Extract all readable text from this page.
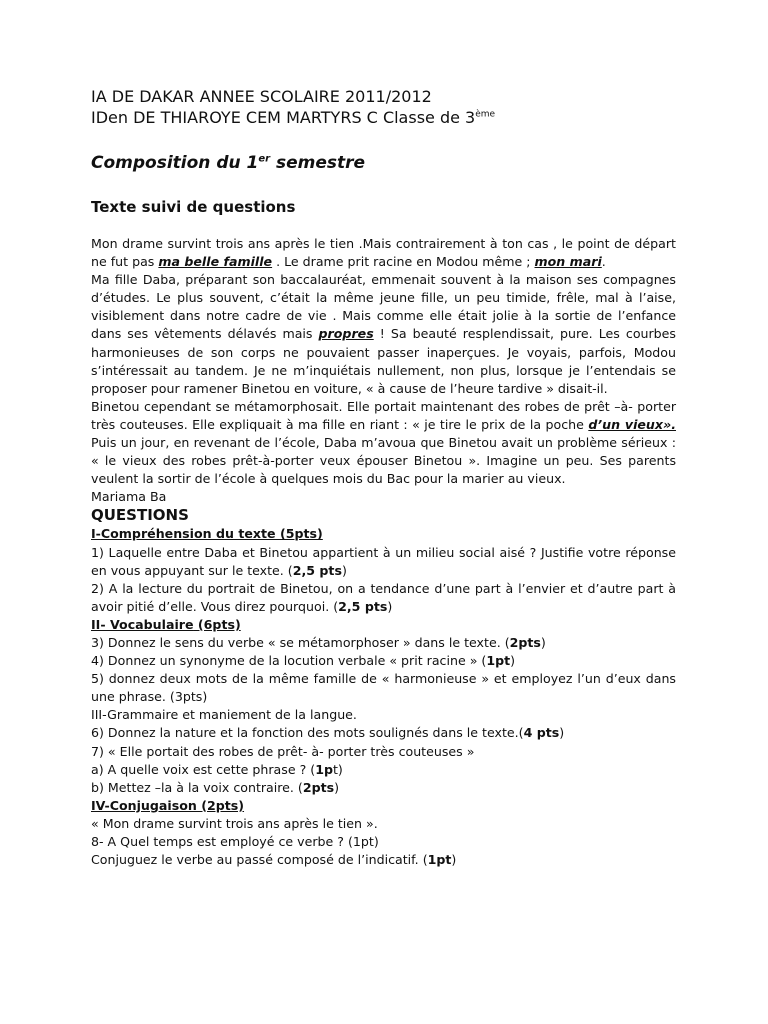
IA DE DAKAR ANNEE SCOLAIRE 2011/2012

IDen DE THIAROYE CEM MARTYRS C Classe de 3ème

Composition du 1er semestre

Texte suivi de questions

Mon drame survint trois ans après le tien .Mais contrairement à ton cas , le point de départ ne fut pas ma belle famille . Le drame prit racine en Modou même ; mon mari.

Ma fille Daba, préparant son baccalauréat, emmenait souvent à la maison ses compagnes d’études. Le plus souvent, c’était la même jeune fille, un peu timide, frêle, mal à l’aise, visiblement dans notre cadre de vie . Mais comme elle était jolie à la sortie de l’enfance dans ses vêtements délavés mais propres ! Sa beauté resplendissait, pure. Les courbes harmonieuses de son corps ne pouvaient passer inaperçues. Je voyais, parfois, Modou s’intéressait au tandem. Je ne m’inquiétais nullement, non plus, lorsque je l’entendais se proposer pour ramener Binetou en voiture, « à cause de l’heure tardive » disait-il.

Binetou cependant se métamorphosait. Elle portait maintenant des robes de prêt –à- porter très couteuses. Elle expliquait à ma fille en riant : « je tire le prix de la poche d’un vieux». Puis un jour, en revenant de l’école, Daba m’avoua que Binetou avait un problème sérieux : « le vieux des robes prêt-à-porter veux épouser Binetou ». Imagine un peu. Ses parents veulent la sortir de l’école à quelques mois du Bac pour la marier au vieux.

Mariama Ba

QUESTIONS

I-Compréhension du texte (5pts)

1) Laquelle entre Daba et Binetou appartient à un milieu social aisé ? Justifie votre réponse en vous appuyant sur le texte. (2,5 pts)

2) A la lecture du portrait de Binetou, on a tendance d’une part à l’envier et d’autre part à avoir pitié d’elle. Vous direz pourquoi. (2,5 pts)

II- Vocabulaire (6pts)

3) Donnez le sens du verbe « se métamorphoser » dans le texte. (2pts)

4) Donnez un synonyme de la locution verbale « prit racine » (1pt)

5) donnez deux mots de la même famille de « harmonieuse » et employez l’un d’eux dans une phrase. (3pts)

III-Grammaire et maniement de la langue.

6) Donnez la nature et la fonction des mots soulignés dans le texte.(4 pts)

7) « Elle portait des robes de prêt- à- porter très couteuses »

a) A quelle voix est cette phrase ? (1pt)

b) Mettez –la à la voix contraire. (2pts)

IV-Conjugaison (2pts)

« Mon drame survint trois ans après le tien ».

8- A Quel temps est employé ce verbe ? (1pt)

Conjuguez le verbe au passé composé de l’indicatif. (1pt)
